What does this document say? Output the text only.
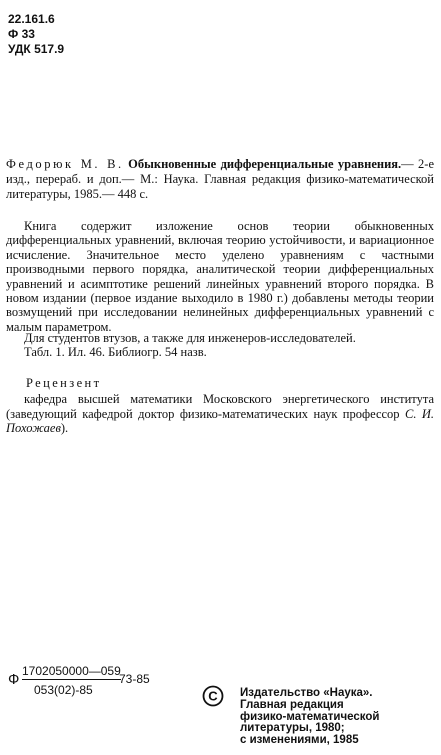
22.161.6
Ф 33
УДК 517.9
Федорюк М. В. Обыкновенные дифференциальные уравнения.— 2-е изд., перераб. и доп.— М.: Наука. Главная редакция физико-математической литературы, 1985.— 448 с.
Книга содержит изложение основ теории обыкновенных дифференциальных уравнений, включая теорию устойчивости, и вариационное исчисление. Значительное место уделено уравнениям с частными производными первого порядка, аналитической теории дифференциальных уравнений и асимптотике решений линейных уравнений второго порядка. В новом издании (первое издание выходило в 1980 г.) добавлены методы теории возмущений при исследовании нелинейных дифференциальных уравнений с малым параметром.
Для студентов втузов, а также для инженеров-исследователей.
Табл. 1. Ил. 46. Библиогр. 54 назв.
Рецензент
кафедра высшей математики Московского энергетического института (заведующий кафедрой доктор физико-математических наук профессор С. И. Похожаев).
Ф 1702050000—059
053(02)-85
73-85
C Издательство «Наука».
Главная редакция
физико-математической
литературы, 1980;
с изменениями, 1985
